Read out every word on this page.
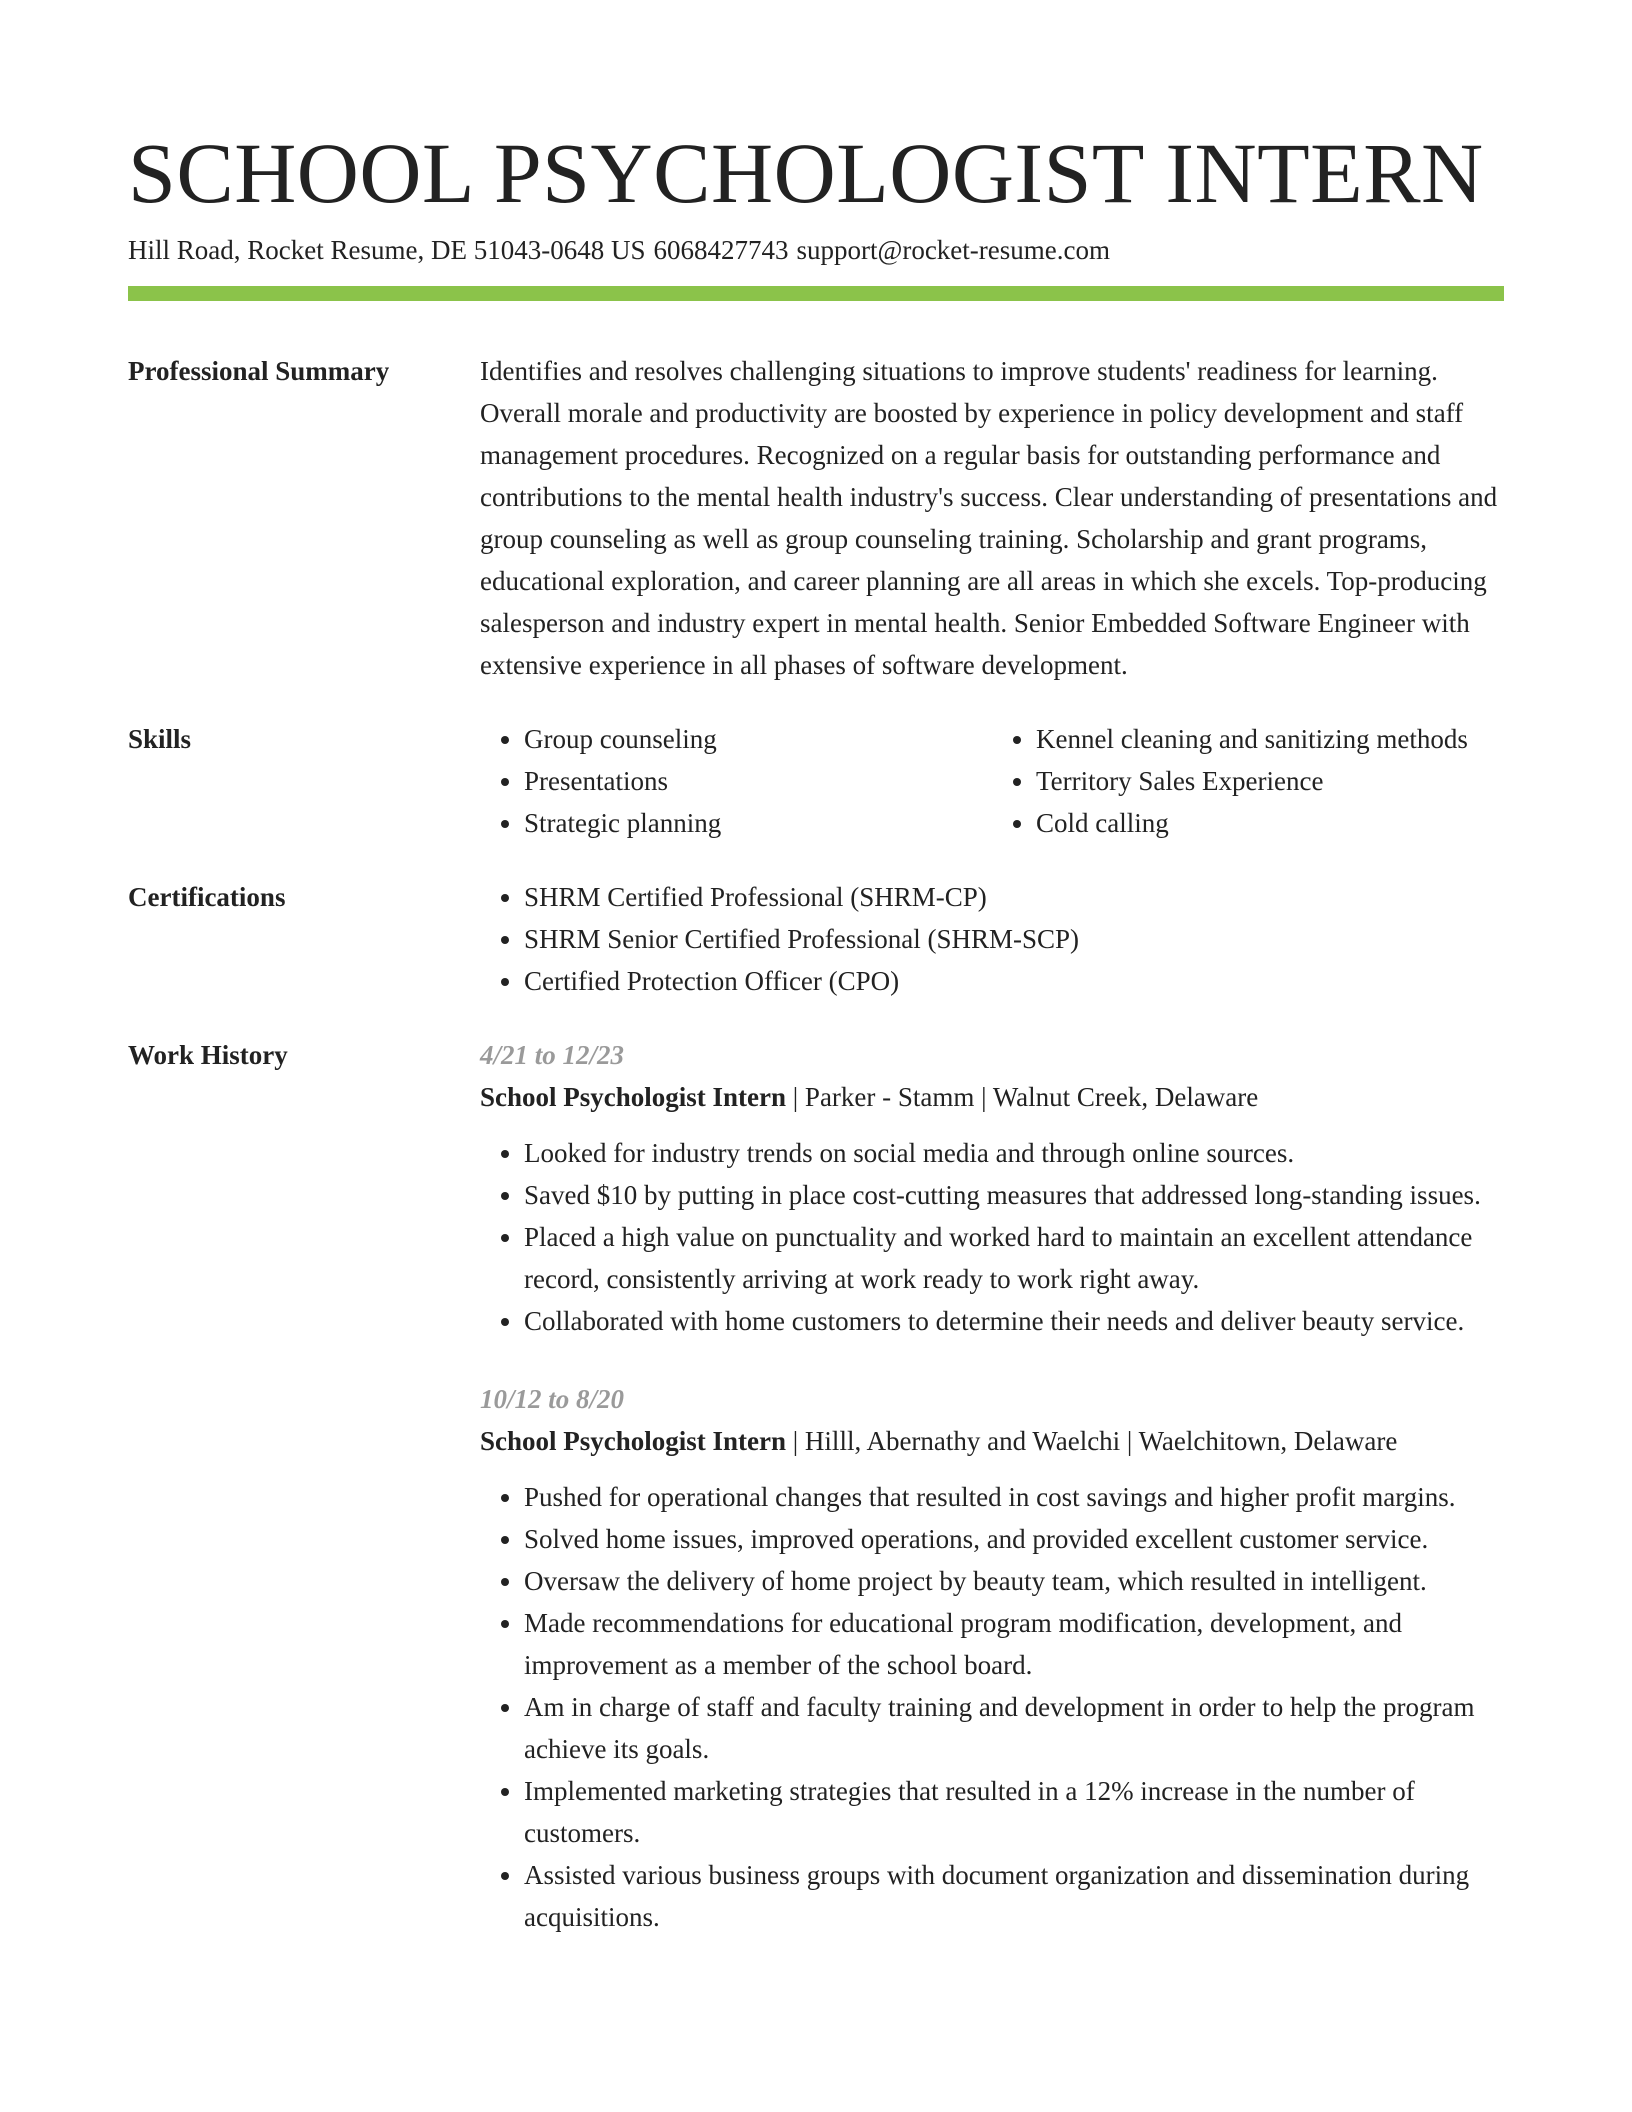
SCHOOL PSYCHOLOGIST INTERN
Hill Road, Rocket Resume, DE 51043-0648 US 6068427743 support@rocket-resume.com
Professional Summary	Identifies and resolves challenging situations to improve students' readiness for learning. Overall morale and productivity are boosted by experience in policy development and staff management procedures. Recognized on a regular basis for outstanding performance and contributions to the mental health industry's success. Clear understanding of presentations and group counseling as well as group counseling training. Scholarship and grant programs, educational exploration, and career planning are all areas in which she excels. Top-producing salesperson and industry expert in mental health. Senior Embedded Software Engineer with extensive experience in all phases of software development.

Skills	• Group counseling
• Presentations
• Strategic planning
• Kennel cleaning and sanitizing methods
• Territory Sales Experience
• Cold calling
Certifications	• SHRM Certified Professional (SHRM-CP)
• SHRM Senior Certified Professional (SHRM-SCP)
• Certified Protection Officer (CPO)
Work History	4/21 to 12/23
School Psychologist Intern | Parker - Stamm | Walnut Creek, Delaware
• Looked for industry trends on social media and through online sources.
• Saved $10 by putting in place cost-cutting measures that addressed long-standing issues.
• Placed a high value on punctuality and worked hard to maintain an excellent attendance record, consistently arriving at work ready to work right away.
• Collaborated with home customers to determine their needs and deliver beauty service.
10/12 to 8/20
School Psychologist Intern | Hilll, Abernathy and Waelchi | Waelchitown, Delaware
• Pushed for operational changes that resulted in cost savings and higher profit margins.
• Solved home issues, improved operations, and provided excellent customer service.
• Oversaw the delivery of home project by beauty team, which resulted in intelligent.
• Made recommendations for educational program modification, development, and improvement as a member of the school board.
• Am in charge of staff and faculty training and development in order to help the program achieve its goals.
• Implemented marketing strategies that resulted in a 12% increase in the number of customers.
• Assisted various business groups with document organization and dissemination during acquisitions.
